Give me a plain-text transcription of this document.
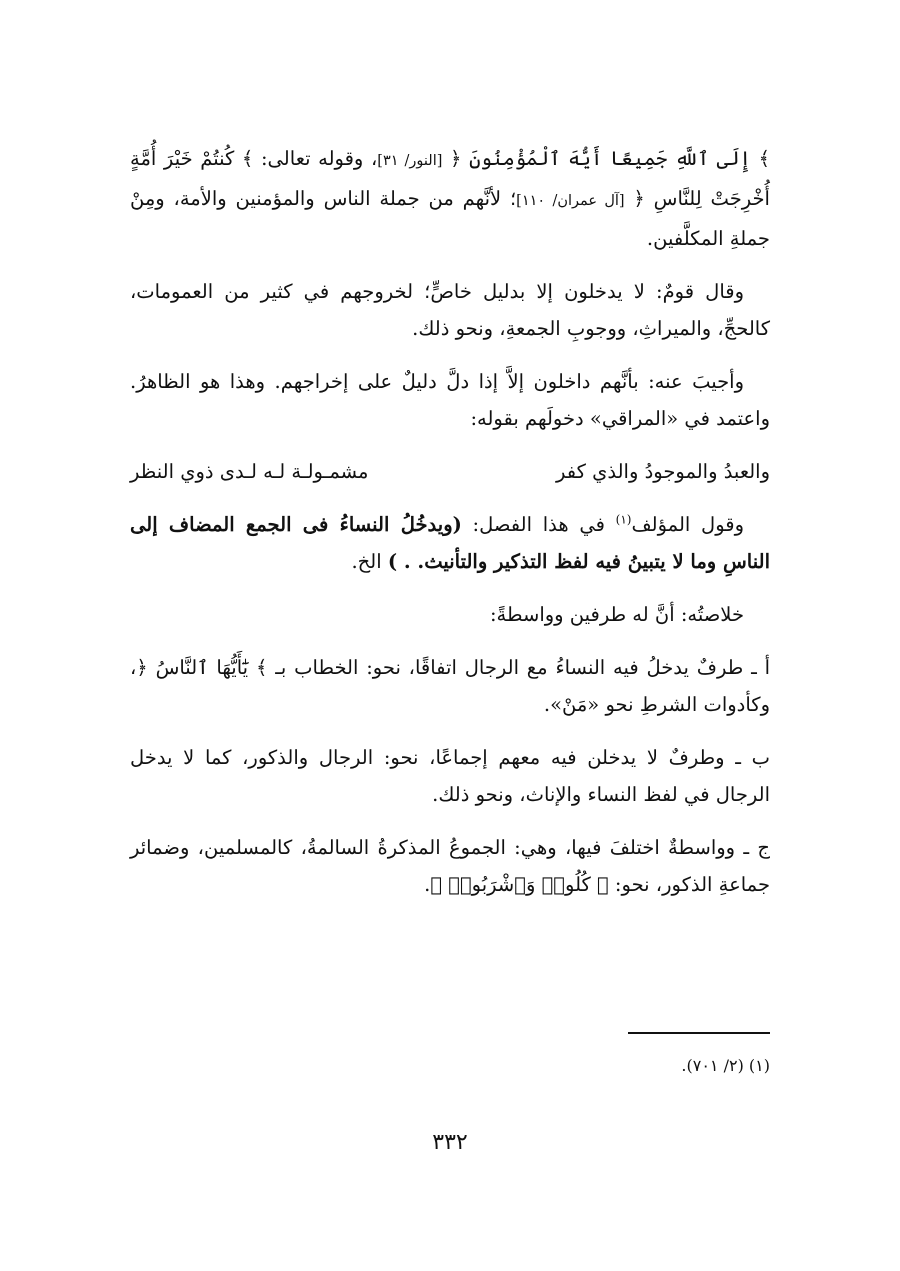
﴾ إِلَى ٱللَّهِ جَمِيعًا أَيُّهَ ٱلْمُؤْمِنُونَ ﴿ [النور/ ٣١]، وقوله تعالى: ﴾ كُنتُمْ خَيْرَ أُمَّةٍ أُخْرِجَتْ لِلنَّاسِ ﴿ [آل عمران/ ١١٠]؛ لأنَّهم من جملة الناس والمؤمنين والأمة، ومِنْ جملةِ المكلَّفين.

وقال قومٌ: لا يدخلون إلا بدليل خاصٍّ؛ لخروجهم في كثير من العمومات، كالحجِّ، والميراثِ، ووجوبِ الجمعةِ، ونحو ذلك.

وأجيبَ عنه: بأنَّهم داخلون إلاَّ إذا دلَّ دليلٌ على إخراجهم. وهذا هو الظاهرُ. واعتمد في «المراقي» دخولَهم بقوله:

والعبدُ والموجودُ والذي كفر
مشمـولـة لـه لـدى ذوي النظر

وقول المؤلف$^{(١)}$ في هذا الفصل: (ويدخُلُ النساءُ فى الجمع المضاف إلى الناسِ وما لا يتبينُ فيه لفظ التذكير والتأنيث. . ) الخ.

خلاصتُه: أنَّ له طرفين وواسطةً:

أ ـ طرفٌ يدخلُ فيه النساءُ مع الرجال اتفاقًا، نحو: الخطاب بـ ﴾ يَٰٓأَيُّهَا ٱلنَّاسُ ﴿، وكأدوات الشرطِ نحو «مَنْ».

ب ـ وطرفٌ لا يدخلن فيه معهم إجماعًا، نحو: الرجال والذكور، كما لا يدخل الرجال في لفظ النساء والإناث، ونحو ذلك.

ج ـ وواسطةٌ اختلفَ فيها، وهي: الجموعُ المذكرةُ السالمةُ، كالمسلمين، وضمائر جماعةِ الذكور، نحو: ﴾ كُلُوا۟ وَٱشْرَبُوا۟ ﴿.

(١) (٢/ ٧٠١).
٣٣٢
